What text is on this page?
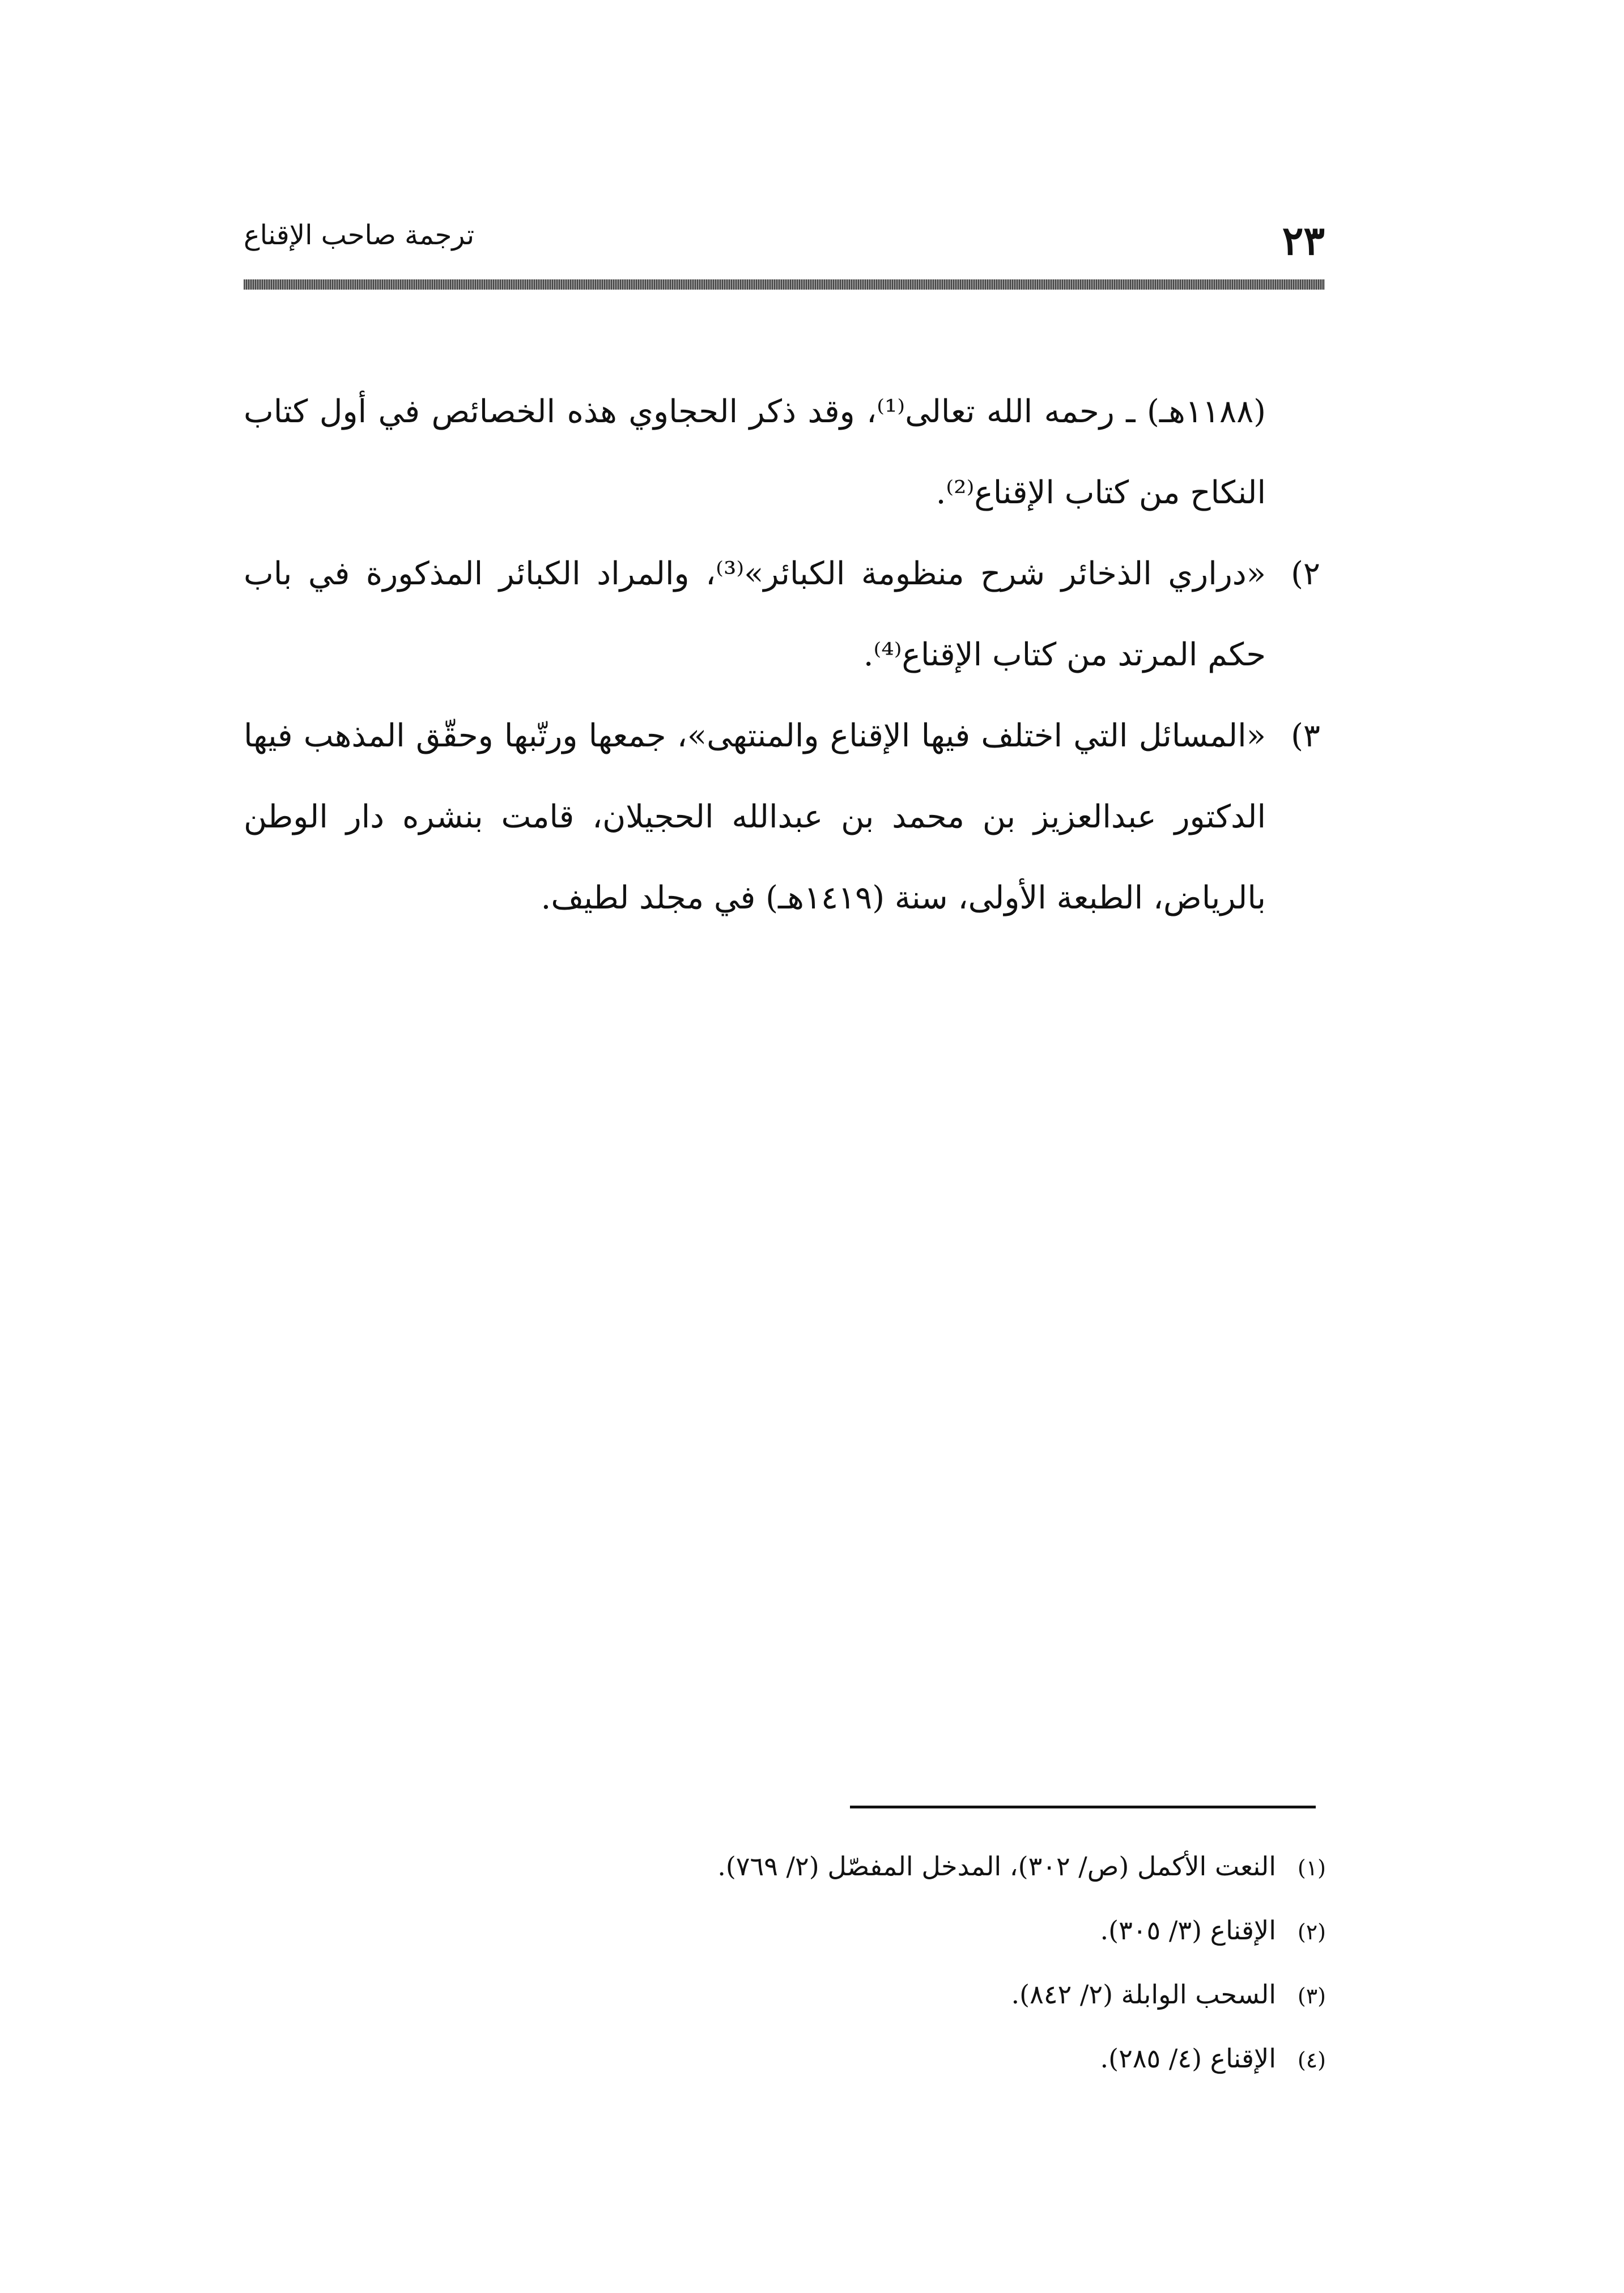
ترجمة صاحب الإقناع	٢٣

(١١٨٨هـ) ـ رحمه الله تعالى⁽¹⁾، وقد ذكر الحجاوي هذه الخصائص في أول كتاب النكاح من كتاب الإقناع⁽²⁾.

٢)

«دراري الذخائر شرح منظومة الكبائر»⁽³⁾، والمراد الكبائر المذكورة في باب حكم المرتد من كتاب الإقناع⁽⁴⁾.

٣)

«المسائل التي اختلف فيها الإقناع والمنتهى»، جمعها ورتّبها وحقّق المذهب فيها الدكتور عبدالعزيز بن محمد بن عبدالله الحجيلان، قامت بنشره دار الوطن بالرياض، الطبعة الأولى، سنة (١٤١٩هـ) في مجلد لطيف.

(١)
النعت الأكمل (ص/ ٣٠٢)، المدخل المفصّل (٢/ ٧٦٩).
(٢)
الإقناع (٣/ ٣٠٥).
(٣)
السحب الوابلة (٢/ ٨٤٢).
(٤)
الإقناع (٤/ ٢٨٥).
